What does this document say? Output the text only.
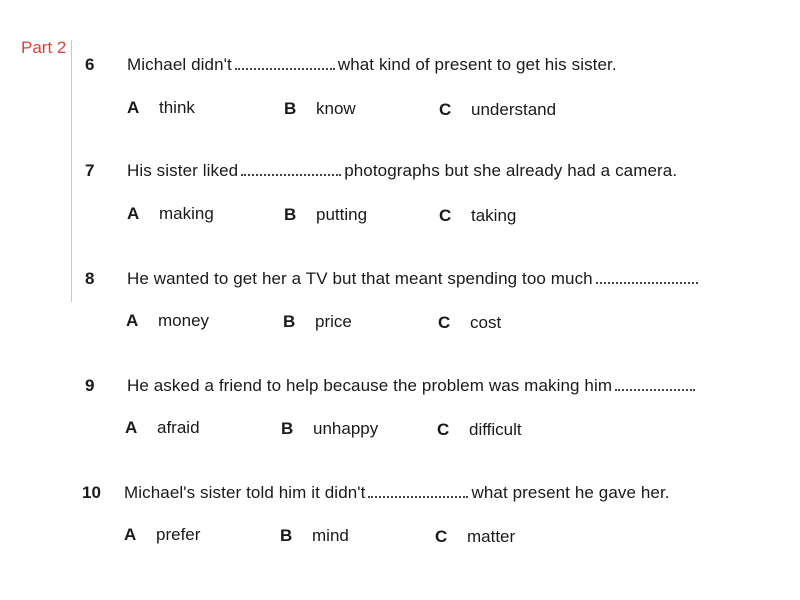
Part 2
6 Michael didn't	what kind of present to get his sister.
A think	B know	C understand
7 His sister liked	photographs but she already had a camera.
A making	B putting	C taking
8 He wanted to get her a TV but that meant spending too much
A money	B price	C cost
9 He asked a friend to help because the problem was making him
A afraid	B unhappy	C difficult
10 Michael's sister told him it didn't	what present he gave her.
A prefer	B mind	C matter
